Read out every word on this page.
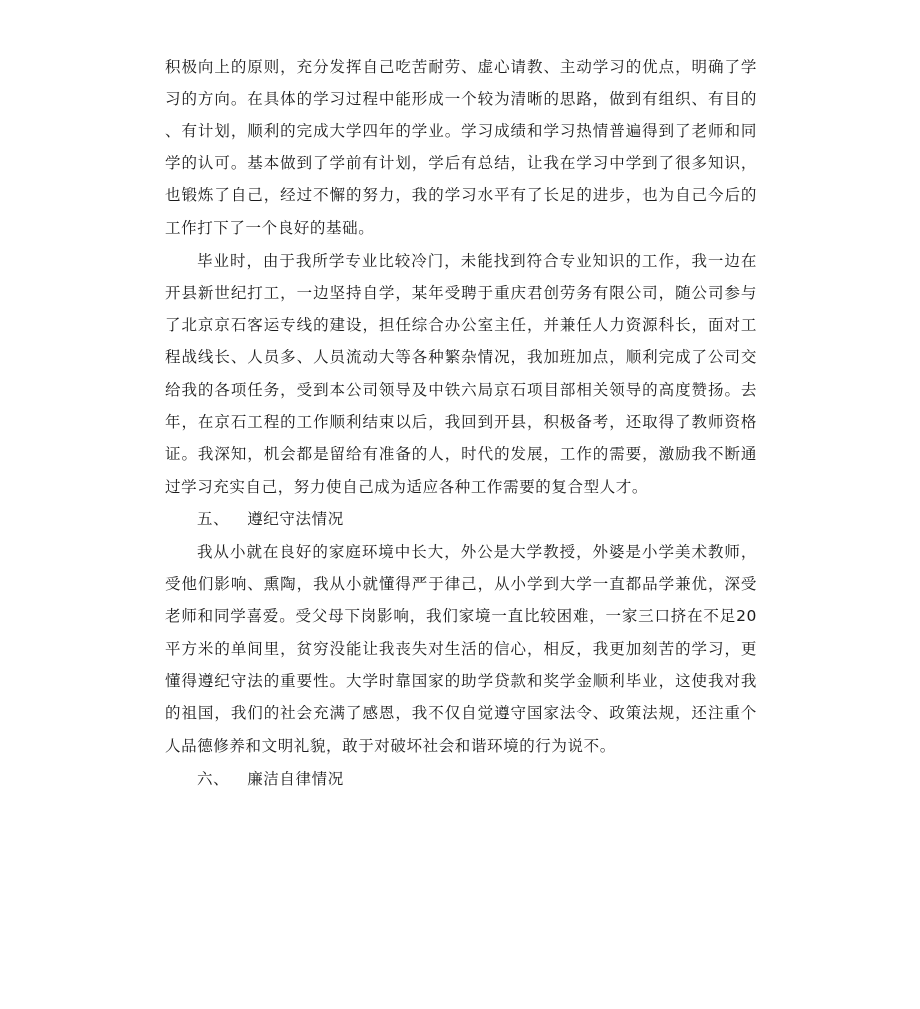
积极向上的原则，充分发挥自己吃苦耐劳、虚心请教、主动学习的优点，明确了学
习的方向。在具体的学习过程中能形成一个较为清晰的思路，做到有组织、有目的
、有计划，顺利的完成大学四年的学业。学习成绩和学习热情普遍得到了老师和同
学的认可。基本做到了学前有计划，学后有总结，让我在学习中学到了很多知识，
也锻炼了自己，经过不懈的努力，我的学习水平有了长足的进步，也为自己今后的
工作打下了一个良好的基础。
毕业时，由于我所学专业比较冷门，未能找到符合专业知识的工作，我一边在
开县新世纪打工，一边坚持自学，某年受聘于重庆君创劳务有限公司，随公司参与
了北京京石客运专线的建设，担任综合办公室主任，并兼任人力资源科长，面对工
程战线长、人员多、人员流动大等各种繁杂情况，我加班加点，顺利完成了公司交
给我的各项任务，受到本公司领导及中铁六局京石项目部相关领导的高度赞扬。去
年，在京石工程的工作顺利结束以后，我回到开县，积极备考，还取得了教师资格
证。我深知，机会都是留给有准备的人，时代的发展，工作的需要，激励我不断通
过学习充实自己，努力使自己成为适应各种工作需要的复合型人才。
五、 遵纪守法情况
我从小就在良好的家庭环境中长大，外公是大学教授，外婆是小学美术教师，
受他们影响、熏陶，我从小就懂得严于律己，从小学到大学一直都品学兼优，深受
老师和同学喜爱。受父母下岗影响，我们家境一直比较困难，一家三口挤在不足20
平方米的单间里，贫穷没能让我丧失对生活的信心，相反，我更加刻苦的学习，更
懂得遵纪守法的重要性。大学时靠国家的助学贷款和奖学金顺利毕业，这使我对我
的祖国，我们的社会充满了感恩，我不仅自觉遵守国家法令、政策法规，还注重个
人品德修养和文明礼貌，敢于对破坏社会和谐环境的行为说不。
六、 廉洁自律情况
